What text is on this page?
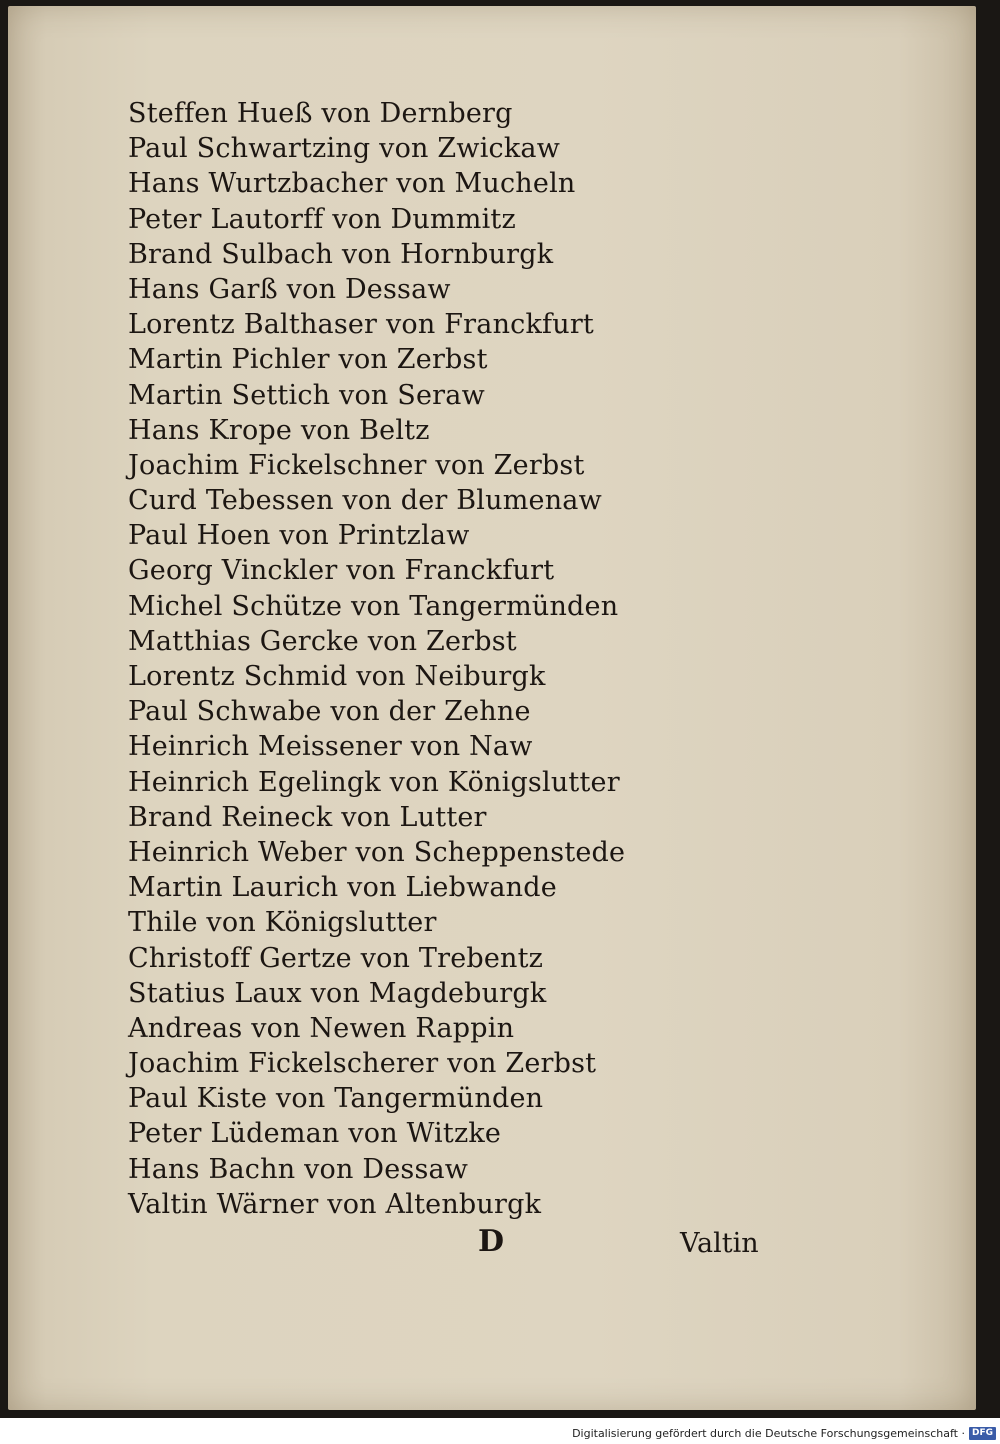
Steffen Hueß von Dernberg
Paul Schwartzing von Zwickaw
Hans Wurtzbacher von Mucheln
Peter Lautorff von Dummitz
Brand Sulbach von Hornburgk
Hans Garß von Dessaw
Lorentz Balthaser von Franckfurt
Martin Pichler von Zerbst
Martin Settich von Seraw
Hans Krope von Beltz
Joachim Fickelschner von Zerbst
Curd Tebessen von der Blumenaw
Paul Hoen von Printzlaw
Georg Vinckler von Franckfurt
Michel Schütze von Tangermünden
Matthias Gercke von Zerbst
Lorentz Schmid von Neiburgk
Paul Schwabe von der Zehne
Heinrich Meissener von Naw
Heinrich Egelingk von Königslutter
Brand Reineck von Lutter
Heinrich Weber von Scheppenstede
Martin Laurich von Liebwande
Thile von Königslutter
Christoff Gertze von Trebentz
Statius Laux von Magdeburgk
Andreas von Newen Rappin
Joachim Fickelscherer von Zerbst
Paul Kiste von Tangermünden
Peter Lüdeman von Witzke
Hans Bachn von Dessaw
Valtin Wärner von Altenburgk
D	Valtin
Digitalisierung gefördert durch die Deutsche Forschungsgemeinschaft · DFG
